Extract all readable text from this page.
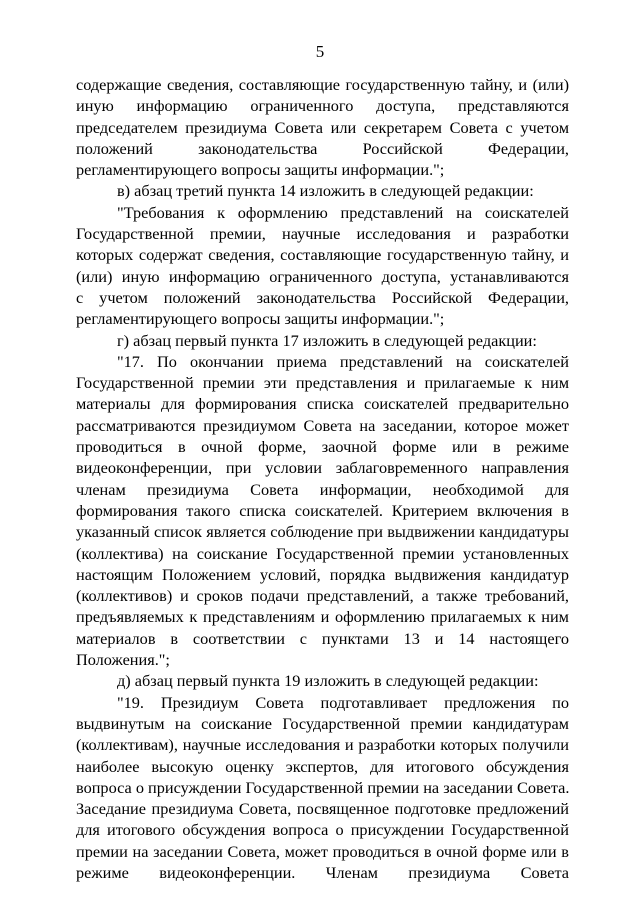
5
содержащие сведения, составляющие государственную тайну, и (или)
иную информацию ограниченного доступа, представляются
председателем президиума Совета или секретарем Совета с учетом
положений законодательства Российской Федерации,
регламентирующего вопросы защиты информации.";
в) абзац третий пункта 14 изложить в следующей редакции:
"Требования к оформлению представлений на соискателей
Государственной премии, научные исследования и разработки
которых содержат сведения, составляющие государственную тайну, и
(или) иную информацию ограниченного доступа, устанавливаются
с учетом положений законодательства Российской Федерации,
регламентирующего вопросы защиты информации.";
г) абзац первый пункта 17 изложить в следующей редакции:
"17. По окончании приема представлений на соискателей
Государственной премии эти представления и прилагаемые к ним
материалы для формирования списка соискателей предварительно
рассматриваются президиумом Совета на заседании, которое может
проводиться в очной форме, заочной форме или в режиме
видеоконференции, при условии заблаговременного направления
членам президиума Совета информации, необходимой для
формирования такого списка соискателей. Критерием включения в
указанный список является соблюдение при выдвижении кандидатуры
(коллектива) на соискание Государственной премии установленных
настоящим Положением условий, порядка выдвижения кандидатур
(коллективов) и сроков подачи представлений, а также требований,
предъявляемых к представлениям и оформлению прилагаемых к ним
материалов в соответствии с пунктами 13 и 14 настоящего
Положения.";
д) абзац первый пункта 19 изложить в следующей редакции:
"19. Президиум Совета подготавливает предложения по
выдвинутым на соискание Государственной премии кандидатурам
(коллективам), научные исследования и разработки которых получили
наиболее высокую оценку экспертов, для итогового обсуждения
вопроса о присуждении Государственной премии на заседании Совета.
Заседание президиума Совета, посвященное подготовке предложений
для итогового обсуждения вопроса о присуждении Государственной
премии на заседании Совета, может проводиться в очной форме или в
режиме видеоконференции. Членам президиума Совета
